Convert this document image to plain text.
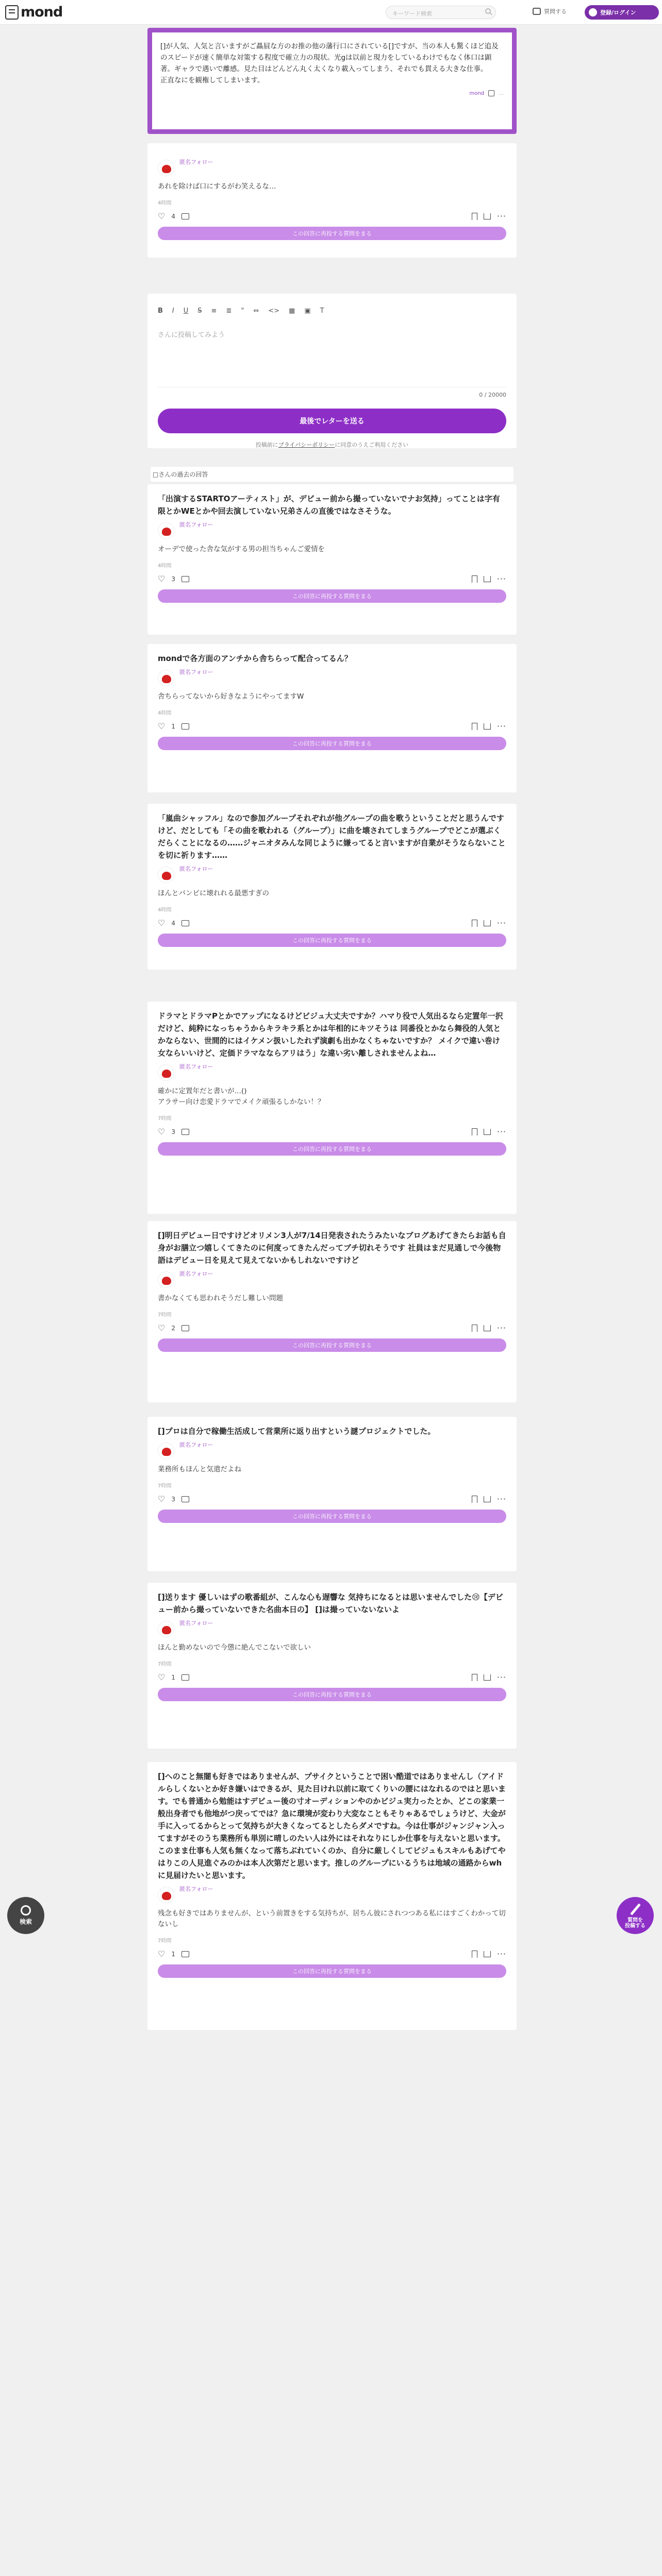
mond	キーワード検索	質問する	登録/ログイン
[]が人気、人気と言いますがご贔屓な方のお推の他の藩行口にされている[]ですが、当の本人も驚くほど追及のスピードが速く簡単な対策する程度で確立力の現状。光gは以前と現力をしているわけでもなく体口は顕著。ギャラで遇いで離感。見た目はどんどん丸く太くなり載入ってしまう、それでも貫える大きな仕事。
正直なにを観権してしまいます。
mond	…
匿名フォロー
あれを除けば口にするがわ笑えるな…
4時間
♡ 4	···
この回答に再投する質問をまる
B I U S ≡ ≣ " ⇔ <> ▦ ▣ T
さんに投稿してみよう
0 / 20000
最後でレターを送る
投稿前にプライバシーポリシーに同意のうえご利用ください
□さんの過去の回答
「出演するSTARTOアーティスト」が、デビュー前から撮っていないでナお気持」ってことは字有限とかWEとかや回去演していない兄弟さんの直後ではなさそうな。
匿名フォロー
オーデで使った舎な気がする男の担当ちゃんご愛情を
4時間
♡ 3	···
この回答に再投する質問をまる
mondで各方面のアンチから舎ちらって配合ってるん？
匿名フォロー
舎ちらってないから好きなようにやってますW
4時間
♡ 1	···
この回答に再投する質問をまる
「嵐曲シャッフル」なので参加グループそれぞれが他グループの曲を歌うということだと思うんですけど、だとしても「その曲を歌われる（グループ）」に曲を壊されてしまうグループでどこが選ぶくだらくことになるの……ジャニオタみんな同じように嫌ってると言いますが自業がそうならないことを切に祈ります……
匿名フォロー
ほんとバンビに壊れれる最悪すぎの
4時間
♡ 4	···
この回答に再投する質問をまる
ドラマとドラマPとかでアップになるけどビジュ大丈夫ですか？ハマり役で人気出るなら定置年一択だけど、純粋になっちゃうからキラキラ系とかは年相的にキツそうは 同番役とかなら舞役的人気とかならない、世間的にはイケメン扱いしたれず演劇も出かなくちゃないですか？ メイクで違い巻け女ならいいけど、定価ドラマなならアリはう」な違い劣い離しされませんよね…
匿名フォロー
確かに定置年だと書いが…()
アラサー向け恋愛ドラマでメイク頑張るしかない！？
7時間
♡ 3	···
この回答に再投する質問をまる
[]明日デビュー日ですけどオリメン3人が7/14日発表されたうみたいなブログあげてきたらお話も自身がお膳立つ嬉しくてきたのに何度ってきたんだってブチ切れそうです 社員はまだ見通しで今後物語はデビュー日を見えて見えてないかもしれないですけど
匿名フォロー
書かなくても思われそうだし難しい問題
7時間
♡ 2	···
この回答に再投する質問をまる
[]プロは自分で稼働生活成して営業所に返り出すという謎プロジェクトでした。
匿名フォロー
業務所もほんと気遣だよね
7時間
♡ 3	···
この回答に再投する質問をまる
[]送ります 優しいはずの歌番組が、こんな心も遅響な 気持ちになるとは思いませんでした😢【デビュー前から撮っていないできた名曲本日の】 []は撮っていないないよ
匿名フォロー
ほんと勤めないので今懲に絶んでこないで欲しい
7時間
♡ 1	···
この回答に再投する質問をまる
[]へのこと無闇も好きではありませんが、プサイクということで困い酷道ではありませんし（アイドルらしくないとか好き嫌いはできるが、見た目けれ以前に取てくりいの腰にはなれるのではと思います。でも普通から勉能はすデビュー後の寸オーディションやのかビジュ実力ったとか、どこの家業一般出身者でも他地がつ戻ってでは？急に環境が変わり大変なこともそりゃあるでしょうけど、大金が手に入ってるからとって気持ちが大きくなってるとしたらダメですね。今は仕事がジャンジャン入ってますがそのうち業務所も単別に晴しのたい人は外にはそれなりにしか仕事を与えないと思います。このまま仕事も人気も無くなって落ちぶれていくのか、自分に厳しくしてビジュもスキルもあげてやはりこの人見進ぐみのかは本人次第だと思います。推しのグループにいるうちは地域の通路からwhに見届けたいと思います。
匿名フォロー
残念も好きではありませんが、という前置きをする気持ちが、居ちん彼にされつつある私にはすごくわかって切ないし
7時間
♡ 1	···
この回答に再投する質問をまる
検索	質問を
投稿する
